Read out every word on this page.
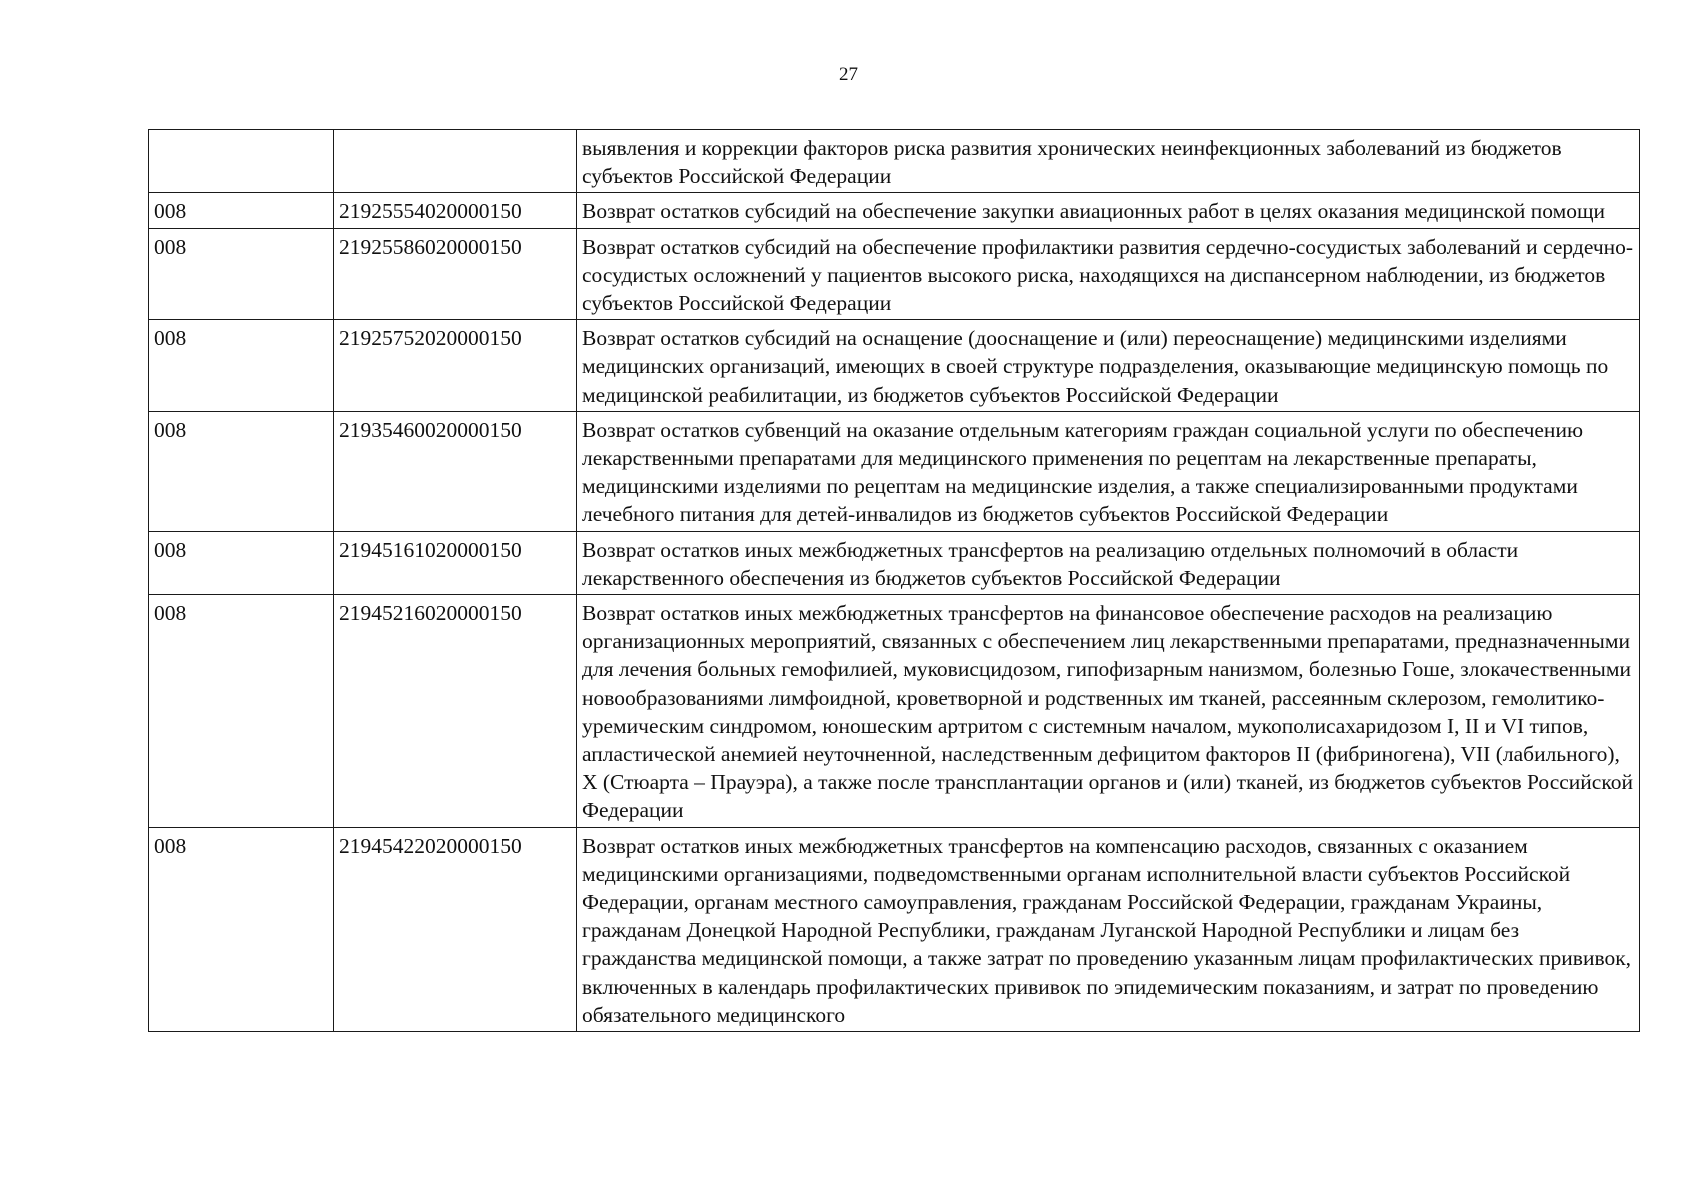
27
		выявления и коррекции факторов риска развития хронических неинфекционных заболеваний из бюджетов субъектов Российской Федерации
008	21925554020000150	Возврат остатков субсидий на обеспечение закупки авиационных работ в целях оказания медицинской помощи
008	21925586020000150	Возврат остатков субсидий на обеспечение профилактики развития сердечно-сосудистых заболеваний и сердечно-сосудистых осложнений у пациентов высокого риска, находящихся на диспансерном наблюдении, из бюджетов субъектов Российской Федерации
008	21925752020000150	Возврат остатков субсидий на оснащение (дооснащение и (или) переоснащение) медицинскими изделиями медицинских организаций, имеющих в своей структуре подразделения, оказывающие медицинскую помощь по медицинской реабилитации, из бюджетов субъектов Российской Федерации
008	21935460020000150	Возврат остатков субвенций на оказание отдельным категориям граждан социальной услуги по обеспечению лекарственными препаратами для медицинского применения по рецептам на лекарственные препараты, медицинскими изделиями по рецептам на медицинские изделия, а также специализированными продуктами лечебного питания для детей-инвалидов из бюджетов субъектов Российской Федерации
008	21945161020000150	Возврат остатков иных межбюджетных трансфертов на реализацию отдельных полномочий в области лекарственного обеспечения из бюджетов субъектов Российской Федерации
008	21945216020000150	Возврат остатков иных межбюджетных трансфертов на финансовое обеспечение расходов на реализацию организационных мероприятий, связанных с обеспечением лиц лекарственными препаратами, предназначенными для лечения больных гемофилией, муковисцидозом, гипофизарным нанизмом, болезнью Гоше, злокачественными новообразованиями лимфоидной, кроветворной и родственных им тканей, рассеянным склерозом, гемолитико-уремическим синдромом, юношеским артритом с системным началом, мукополисахаридозом I, II и VI типов, апластической анемией неуточненной, наследственным дефицитом факторов II (фибриногена), VII (лабильного), X (Стюарта – Прауэра), а также после трансплантации органов и (или) тканей, из бюджетов субъектов Российской Федерации
008	21945422020000150	Возврат остатков иных межбюджетных трансфертов на компенсацию расходов, связанных с оказанием медицинскими организациями, подведомственными органам исполнительной власти субъектов Российской Федерации, органам местного самоуправления, гражданам Российской Федерации, гражданам Украины, гражданам Донецкой Народной Республики, гражданам Луганской Народной Республики и лицам без гражданства медицинской помощи, а также затрат по проведению указанным лицам профилактических прививок, включенных в календарь профилактических прививок по эпидемическим показаниям, и затрат по проведению обязательного медицинского
